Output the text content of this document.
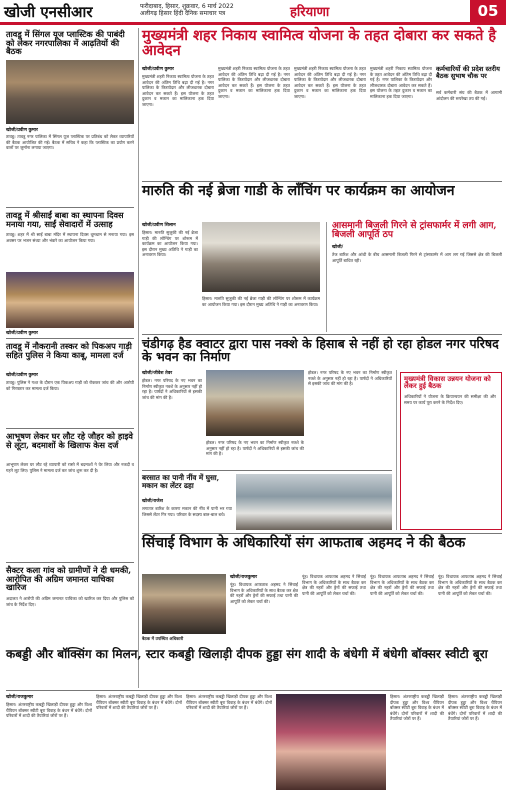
खोजी एनसीआर	फरीदाबाद, हिसार, शुक्रवार, 6 मार्च 2022
अलीगढ़ हिसार हिंदी दैनिक समाचार पत्र	हरियाणा	05
तावडू में सिंगल यूज प्लास्टिक की पाबंदी को लेकर नगरपालिका में आढ़तियों की बैठक
खोजी/प्रवीण कुमार
तावडू। तावडू नगर पालिका में सिंगल यूज प्लास्टिक पर प्रतिबंध को लेकर व्यापारियों की बैठक आयोजित की गई। बैठक में सचिव ने कहा कि प्लास्टिक का प्रयोग करने वालों पर जुर्माना लगाया जाएगा।
तावडू में श्रीसाईं बाबा का स्थापना दिवस मनाया गया, साईं सेवादारों में उत्साह
तावडू। शहर में श्री साईं बाबा मंदिर में स्थापना दिवस धूमधाम से मनाया गया। इस अवसर पर भजन संध्या और भंडारे का आयोजन किया गया।
खोजी/प्रवीण कुमार
तावडू में नौकरानी तस्कर को पिकअप गाड़ी सहित पुलिस ने किया काबू, मामला दर्ज
खोजी/प्रवीण कुमार
तावडू। पुलिस ने गश्त के दौरान एक पिकअप गाड़ी को रोककर जांच की और आरोपी को गिरफ्तार कर मामला दर्ज किया।
आभूषण लेकर घर लौट रहे जौहर को हाइवे से लूटा, बदमाशों के खिलाफ केस दर्ज
आभूषण लेकर घर लौट रहे व्यापारी को रास्ते में बदमाशों ने घेर लिया और नकदी व गहने लूट लिए। पुलिस ने मामला दर्ज कर जांच शुरू कर दी है।
सैक्टर कला गांव को ग्रामीणों ने दी धमकी, आरोपित की अग्रिम जमानत याचिका खारिज
अदालत ने आरोपी की अग्रिम जमानत याचिका को खारिज कर दिया और पुलिस को जांच के निर्देश दिए।
मुख्यमंत्री शहर निकाय स्वामित्व योजना के तहत दोबारा कर सकते है आवेदन
खोजी/प्रवीण कुमार
मुख्यमंत्री शहरी निकाय स्वामित्व योजना के तहत आवेदन की अंतिम तिथि बढ़ा दी गई है। नगर पालिका के किरायेदार और लीजधारक दोबारा आवेदन कर सकते हैं। इस योजना के तहत दुकान व मकान का मालिकाना हक दिया जाएगा।
मुख्यमंत्री शहरी निकाय स्वामित्व योजना के तहत आवेदन की अंतिम तिथि बढ़ा दी गई है। नगर पालिका के किरायेदार और लीजधारक दोबारा आवेदन कर सकते हैं। इस योजना के तहत दुकान व मकान का मालिकाना हक दिया जाएगा।
मुख्यमंत्री शहरी निकाय स्वामित्व योजना के तहत आवेदन की अंतिम तिथि बढ़ा दी गई है। नगर पालिका के किरायेदार और लीजधारक दोबारा आवेदन कर सकते हैं। इस योजना के तहत दुकान व मकान का मालिकाना हक दिया जाएगा।
मुख्यमंत्री शहरी निकाय स्वामित्व योजना के तहत आवेदन की अंतिम तिथि बढ़ा दी गई है। नगर पालिका के किरायेदार और लीजधारक दोबारा आवेदन कर सकते हैं। इस योजना के तहत दुकान व मकान का मालिकाना हक दिया जाएगा।
कर्मचारियों की प्रदेश स्तरीय बैठक सुभाष चौक पर
सर्व कर्मचारी संघ की बैठक में आगामी आंदोलन की रूपरेखा तय की गई।
मारुति की नई ब्रेजा गाडी के लॉंचिंग पर कार्यक्रम का आयोजन
खोजी/प्रवीण शिलान
हिसार। मारुति सुजुकी की नई ब्रेजा गाड़ी की लॉन्चिंग पर शोरूम में कार्यक्रम का आयोजन किया गया। इस दौरान मुख्य अतिथि ने गाड़ी का अनावरण किया।
हिसार। मारुति सुजुकी की नई ब्रेजा गाड़ी की लॉन्चिंग पर शोरूम में कार्यक्रम का आयोजन किया गया। इस दौरान मुख्य अतिथि ने गाड़ी का अनावरण किया।
आसमानी बिजली गिरने से ट्रांसफार्मर में लगी आग, बिजली आपूर्ति ठप
खोजी/
तेज बारिश और आंधी के बीच आसमानी बिजली गिरने से ट्रांसफार्मर में आग लग गई जिससे क्षेत्र की बिजली आपूर्ति बाधित रही।
चंडीगढ़ हैड क्वाटर द्वारा पास नक्शे के हिसाब से नहीं हो रहा होडल नगर परिषद के भवन का निर्माण
खोजी/जीवेश तेवर
होडल। नगर परिषद के नए भवन का निर्माण स्वीकृत नक्शे के अनुसार नहीं हो रहा है। पार्षदों ने अधिकारियों से इसकी जांच की मांग की है।
होडल। नगर परिषद के नए भवन का निर्माण स्वीकृत नक्शे के अनुसार नहीं हो रहा है। पार्षदों ने अधिकारियों से इसकी जांच की मांग की है।
होडल। नगर परिषद के नए भवन का निर्माण स्वीकृत नक्शे के अनुसार नहीं हो रहा है। पार्षदों ने अधिकारियों से इसकी जांच की मांग की है।
मुख्यमंत्री विकास उन्नयन योजना को लेकर हुई बैठक
अधिकारियों ने योजना के क्रियान्वयन की समीक्षा की और समय पर कार्य पूरा करने के निर्देश दिए।
बरसात का पानी नींव में घुसा, मकान का लेंटर ढहा
खोजी/राजेश
लगातार बारिश के कारण मकान की नींव में पानी भर गया जिससे लेंटर गिर गया। परिवार के सदस्य बाल-बाल बचे।
सिंचाई विभाग के अधिकारियों संग आफताब अहमद ने की बैठक
बैठक में उपस्थित अधिकारी
खोजी/राजकुमार
नूंह। विधायक आफताब अहमद ने सिंचाई विभाग के अधिकारियों के साथ बैठक कर क्षेत्र की नहरों और ड्रेनों की सफाई तथा पानी की आपूर्ति को लेकर चर्चा की।
नूंह। विधायक आफताब अहमद ने सिंचाई विभाग के अधिकारियों के साथ बैठक कर क्षेत्र की नहरों और ड्रेनों की सफाई तथा पानी की आपूर्ति को लेकर चर्चा की।
नूंह। विधायक आफताब अहमद ने सिंचाई विभाग के अधिकारियों के साथ बैठक कर क्षेत्र की नहरों और ड्रेनों की सफाई तथा पानी की आपूर्ति को लेकर चर्चा की।
नूंह। विधायक आफताब अहमद ने सिंचाई विभाग के अधिकारियों के साथ बैठक कर क्षेत्र की नहरों और ड्रेनों की सफाई तथा पानी की आपूर्ति को लेकर चर्चा की।
कबड्डी और बॉक्सिंग का मिलन, स्टार कबड्डी खिलाड़ी दीपक हुड्डा संग शादी के बंधेगी में बंधेगी बॉक्सर स्वीटी बूरा
खोजी/राजकुमार
हिसार। अंतरराष्ट्रीय कबड्डी खिलाड़ी दीपक हुड्डा और विश्व चैंपियन बॉक्सर स्वीटी बूरा विवाह के बंधन में बंधेंगे। दोनों परिवारों में शादी की तैयारियां जोरों पर हैं।
हिसार। अंतरराष्ट्रीय कबड्डी खिलाड़ी दीपक हुड्डा और विश्व चैंपियन बॉक्सर स्वीटी बूरा विवाह के बंधन में बंधेंगे। दोनों परिवारों में शादी की तैयारियां जोरों पर हैं।
हिसार। अंतरराष्ट्रीय कबड्डी खिलाड़ी दीपक हुड्डा और विश्व चैंपियन बॉक्सर स्वीटी बूरा विवाह के बंधन में बंधेंगे। दोनों परिवारों में शादी की तैयारियां जोरों पर हैं।
दीपक हुड्डा व स्वीटी बूरा
हिसार। अंतरराष्ट्रीय कबड्डी खिलाड़ी दीपक हुड्डा और विश्व चैंपियन बॉक्सर स्वीटी बूरा विवाह के बंधन में बंधेंगे। दोनों परिवारों में शादी की तैयारियां जोरों पर हैं।
हिसार। अंतरराष्ट्रीय कबड्डी खिलाड़ी दीपक हुड्डा और विश्व चैंपियन बॉक्सर स्वीटी बूरा विवाह के बंधन में बंधेंगे। दोनों परिवारों में शादी की तैयारियां जोरों पर हैं।
